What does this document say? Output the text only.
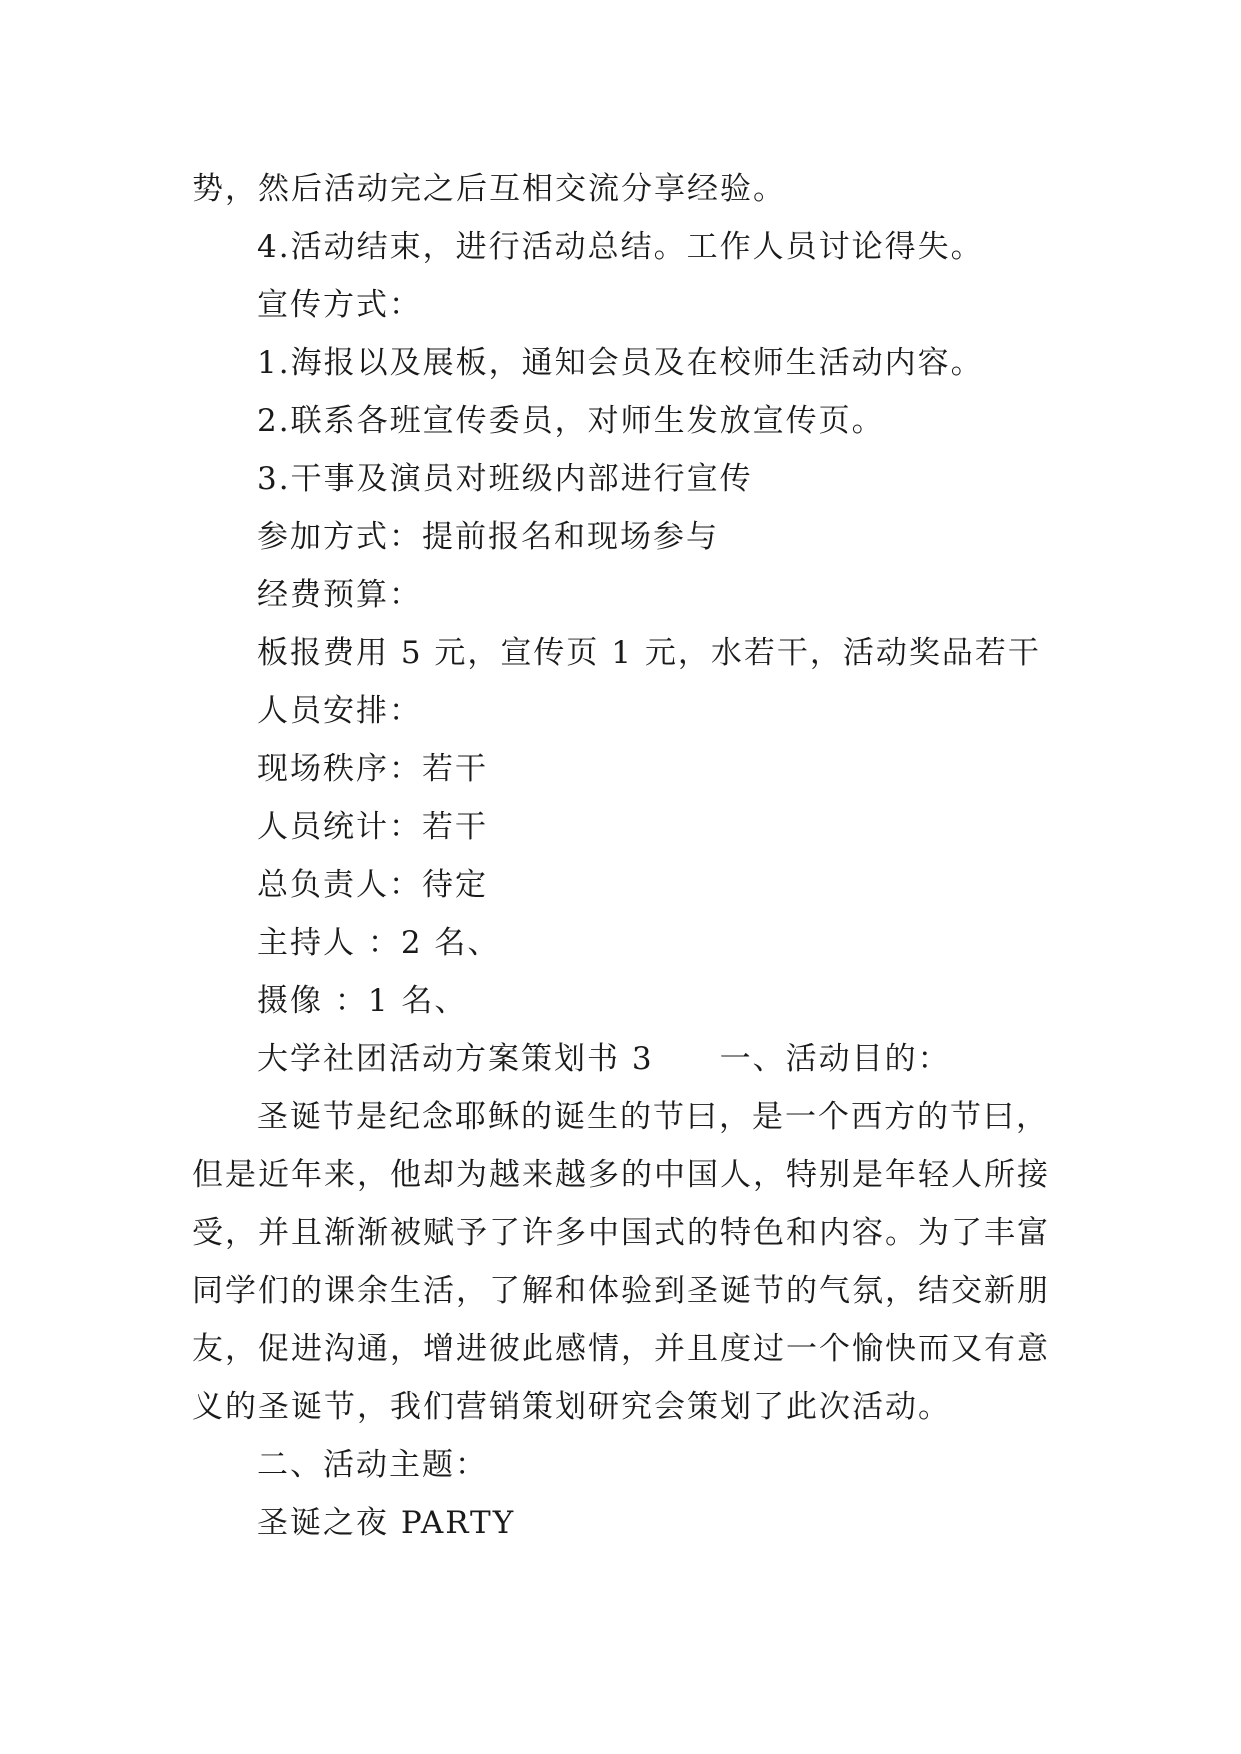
势，然后活动完之后互相交流分享经验。
4.活动结束，进行活动总结。工作人员讨论得失。
宣传方式：
1.海报以及展板，通知会员及在校师生活动内容。
2.联系各班宣传委员，对师生发放宣传页。
3.干事及演员对班级内部进行宣传
参加方式：提前报名和现场参与
经费预算：
板报费用 5 元，宣传页 1 元，水若干，活动奖品若干
人员安排：
现场秩序：若干
人员统计：若干
总负责人：待定
主持人 ：2 名、
摄像 ：1 名、
大学社团活动方案策划书 3　　一、活动目的：
圣诞节是纪念耶稣的诞生的节曰，是一个西方的节曰，
但是近年来，他却为越来越多的中国人，特别是年轻人所接
受，并且渐渐被赋予了许多中国式的特色和内容。为了丰富
同学们的课余生活，了解和体验到圣诞节的气氛，结交新朋
友，促进沟通，增进彼此感情，并且度过一个愉快而又有意
义的圣诞节，我们营销策划研究会策划了此次活动。
二、活动主题：
圣诞之夜 PARTY
